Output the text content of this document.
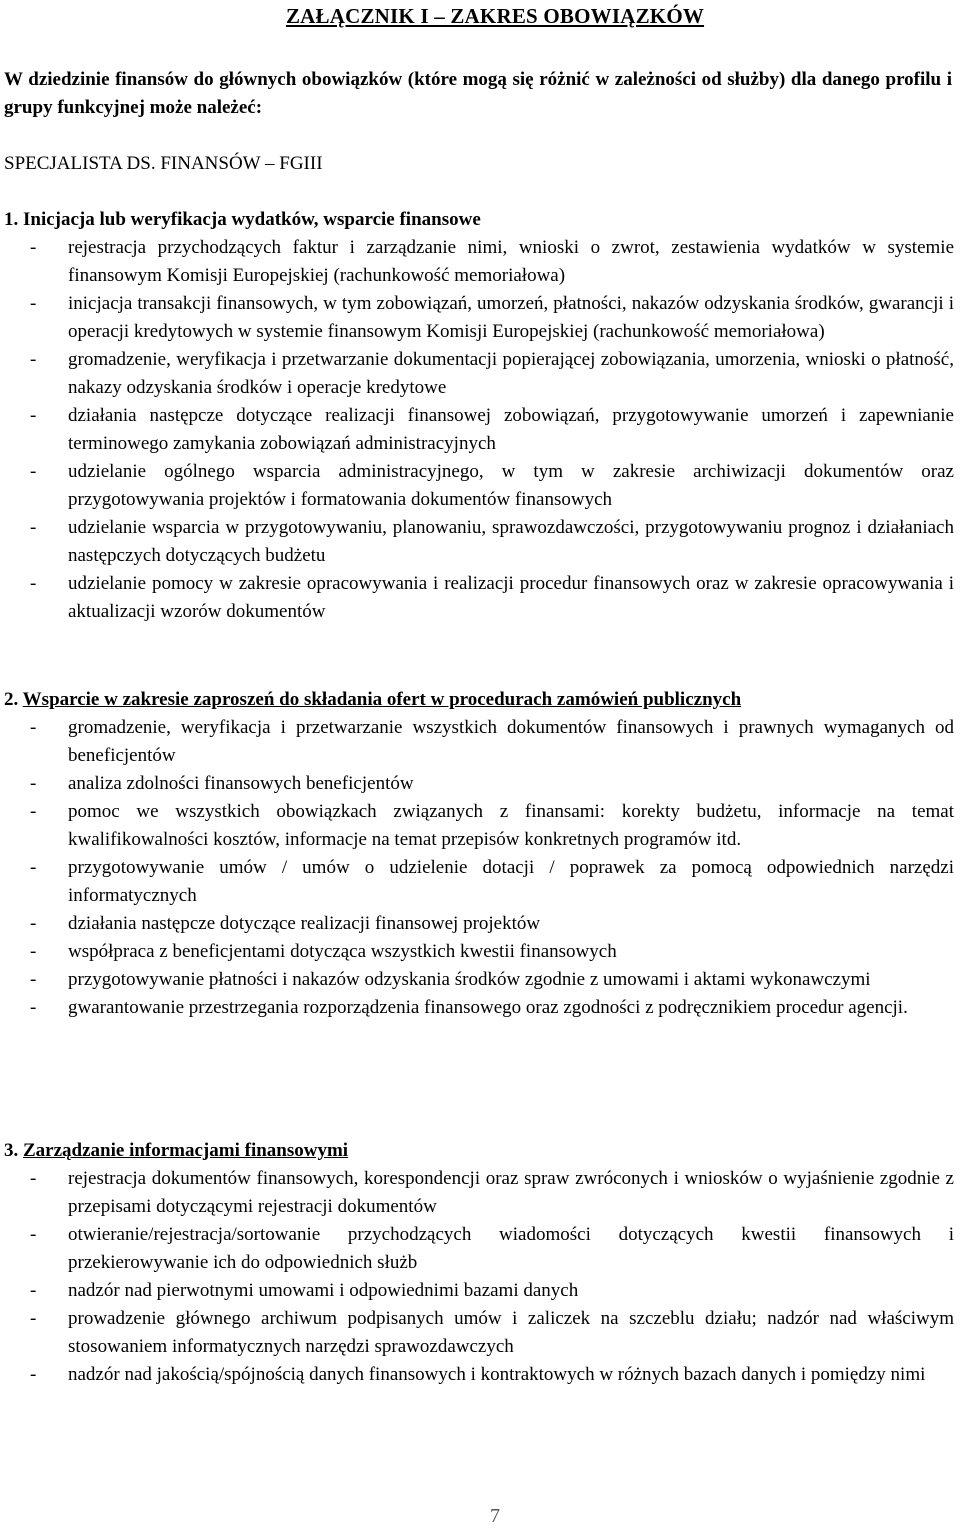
ZAŁĄCZNIK I – ZAKRES OBOWIĄZKÓW
W dziedzinie finansów do głównych obowiązków (które mogą się różnić w zależności od służby) dla danego profilu i grupy funkcyjnej może należeć:
SPECJALISTA DS. FINANSÓW – FGIII
1. Inicjacja lub weryfikacja wydatków, wsparcie finansowe
- rejestracja przychodzących faktur i zarządzanie nimi, wnioski o zwrot, zestawienia wydatków w systemie finansowym Komisji Europejskiej (rachunkowość memoriałowa)
- inicjacja transakcji finansowych, w tym zobowiązań, umorzeń, płatności, nakazów odzyskania środków, gwarancji i operacji kredytowych w systemie finansowym Komisji Europejskiej (rachunkowość memoriałowa)
- gromadzenie, weryfikacja i przetwarzanie dokumentacji popierającej zobowiązania, umorzenia, wnioski o płatność, nakazy odzyskania środków i operacje kredytowe
- działania następcze dotyczące realizacji finansowej zobowiązań, przygotowywanie umorzeń i zapewnianie terminowego zamykania zobowiązań administracyjnych
- udzielanie ogólnego wsparcia administracyjnego, w tym w zakresie archiwizacji dokumentów oraz przygotowywania projektów i formatowania dokumentów finansowych
- udzielanie wsparcia w przygotowywaniu, planowaniu, sprawozdawczości, przygotowywaniu prognoz i działaniach następczych dotyczących budżetu
- udzielanie pomocy w zakresie opracowywania i realizacji procedur finansowych oraz w zakresie opracowywania i aktualizacji wzorów dokumentów
2. Wsparcie w zakresie zaproszeń do składania ofert w procedurach zamówień publicznych
- gromadzenie, weryfikacja i przetwarzanie wszystkich dokumentów finansowych i prawnych wymaganych od beneficjentów
- analiza zdolności finansowych beneficjentów
- pomoc we wszystkich obowiązkach związanych z finansami: korekty budżetu, informacje na temat kwalifikowalności kosztów, informacje na temat przepisów konkretnych programów itd.
- przygotowywanie umów / umów o udzielenie dotacji / poprawek za pomocą odpowiednich narzędzi informatycznych
- działania następcze dotyczące realizacji finansowej projektów
- współpraca z beneficjentami dotycząca wszystkich kwestii finansowych
- przygotowywanie płatności i nakazów odzyskania środków zgodnie z umowami i aktami wykonawczymi
- gwarantowanie przestrzegania rozporządzenia finansowego oraz zgodności z podręcznikiem procedur agencji.
3. Zarządzanie informacjami finansowymi
- rejestracja dokumentów finansowych, korespondencji oraz spraw zwróconych i wniosków o wyjaśnienie zgodnie z przepisami dotyczącymi rejestracji dokumentów
- otwieranie/rejestracja/sortowanie przychodzących wiadomości dotyczących kwestii finansowych i przekierowywanie ich do odpowiednich służb
- nadzór nad pierwotnymi umowami i odpowiednimi bazami danych
- prowadzenie głównego archiwum podpisanych umów i zaliczek na szczeblu działu; nadzór nad właściwym stosowaniem informatycznych narzędzi sprawozdawczych
- nadzór nad jakością/spójnością danych finansowych i kontraktowych w różnych bazach danych i pomiędzy nimi
7
